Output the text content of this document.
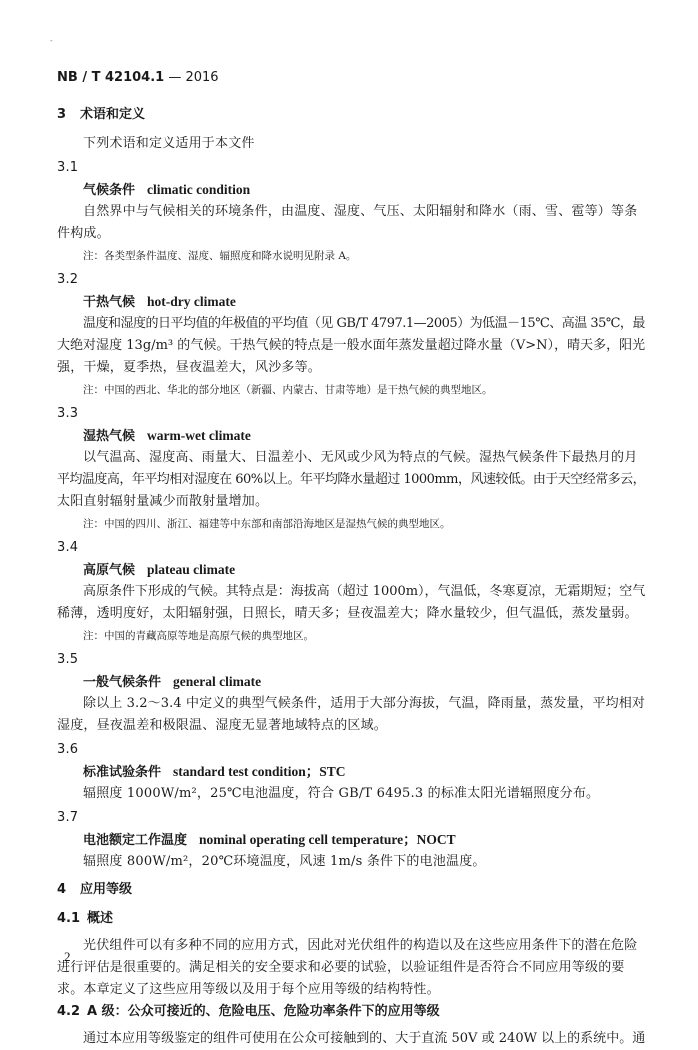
-
NB / T 42104.1 — 2016
3 术语和定义
下列术语和定义适用于本文件
3.1
气候条件 climatic condition
自然界中与气候相关的环境条件，由温度、湿度、气压、太阳辐射和降水（雨、雪、雹等）等条
件构成。
注：各类型条件温度、湿度、辐照度和降水说明见附录 A。
3.2
干热气候 hot-dry climate
温度和湿度的日平均值的年极值的平均值（见 GB/T 4797.1—2005）为低温－15℃、高温 35℃，最
大绝对湿度 13g/m³ 的气候。干热气候的特点是一般水面年蒸发量超过降水量（V>N），晴天多，阳光
强，干燥，夏季热，昼夜温差大，风沙多等。
注：中国的西北、华北的部分地区（新疆、内蒙古、甘肃等地）是干热气候的典型地区。
3.3
湿热气候 warm-wet climate
以气温高、湿度高、雨量大、日温差小、无风或少风为特点的气候。湿热气候条件下最热月的月
平均温度高，年平均相对湿度在 60%以上。年平均降水量超过 1000mm，风速较低。由于天空经常多云，
太阳直射辐射量减少而散射量增加。
注：中国的四川、浙江、福建等中东部和南部沿海地区是湿热气候的典型地区。
3.4
高原气候 plateau climate
高原条件下形成的气候。其特点是：海拔高（超过 1000m），气温低，冬寒夏凉，无霜期短；空气
稀薄，透明度好，太阳辐射强，日照长，晴天多；昼夜温差大；降水量较少，但气温低，蒸发量弱。
注：中国的青藏高原等地是高原气候的典型地区。
3.5
一般气候条件 general climate
除以上 3.2～3.4 中定义的典型气候条件，适用于大部分海拔，气温，降雨量，蒸发量，平均相对
湿度，昼夜温差和极限温、湿度无显著地域特点的区域。
3.6
标准试验条件 standard test condition；STC
辐照度 1000W/m²，25℃电池温度，符合 GB/T 6495.3 的标准太阳光谱辐照度分布。
3.7
电池额定工作温度 nominal operating cell temperature；NOCT
辐照度 800W/m²，20℃环境温度，风速 1m/s 条件下的电池温度。
4 应用等级
4.1 概述
光伏组件可以有多种不同的应用方式，因此对光伏组件的构造以及在这些应用条件下的潜在危险
进行评估是很重要的。满足相关的安全要求和必要的试验，以验证组件是否符合不同应用等级的要
求。本章定义了这些应用等级以及用于每个应用等级的结构特性。
4.2 A 级：公众可接近的、危险电压、危险功率条件下的应用等级
通过本应用等级鉴定的组件可使用在公众可接触到的、大于直流 50V 或 240W 以上的系统中。通
2
